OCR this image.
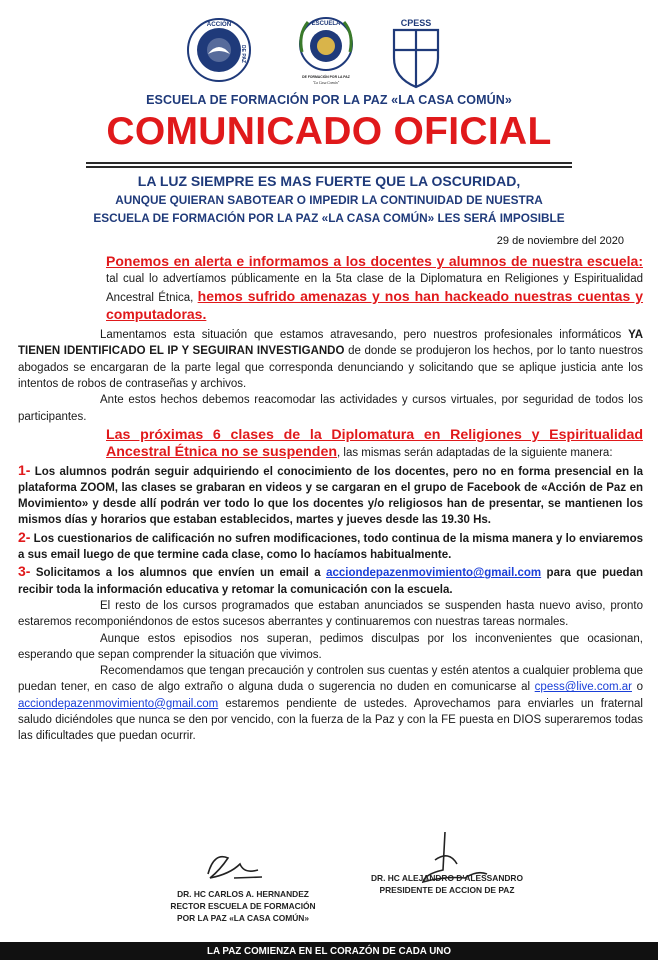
ACCIÓN
DE PAZ
ESCUELA
DE FORMACIÓN POR LA PAZ
"La Casa Común"
CPESS
ESCUELA DE FORMACIÓN POR LA PAZ «LA CASA COMÚN»
COMUNICADO OFICIAL
LA LUZ SIEMPRE ES MAS FUERTE QUE LA OSCURIDAD,
AUNQUE QUIERAN SABOTEAR O IMPEDIR LA CONTINUIDAD DE NUESTRA
ESCUELA DE FORMACIÓN POR LA PAZ «LA CASA COMÚN» LES SERÁ IMPOSIBLE
29 de noviembre del 2020

Ponemos en alerta e informamos a los docentes y alumnos de nuestra escuela: tal cual lo advertíamos públicamente en la 5ta clase de la Diplomatura en Religiones y Espiritualidad Ancestral Étnica, hemos sufrido amenazas y nos han hackeado nuestras cuentas y computadoras.

Lamentamos esta situación que estamos atravesando, pero nuestros profesionales informáticos YA TIENEN IDENTIFICADO EL IP Y SEGUIRAN INVESTIGANDO de donde se produjeron los hechos, por lo tanto nuestros abogados se encargaran de la parte legal que corresponda denunciando y solicitando que se aplique justicia ante los intentos de robos de contraseñas y archivos.

Ante estos hechos debemos reacomodar las actividades y cursos virtuales, por seguridad de todos los participantes.

Las próximas 6 clases de la Diplomatura en Religiones y Espiritualidad Ancestral Étnica no se suspenden, las mismas serán adaptadas de la siguiente manera:

1- Los alumnos podrán seguir adquiriendo el conocimiento de los docentes, pero no en forma presencial en la plataforma ZOOM, las clases se grabaran en videos y se cargaran en el grupo de Facebook de «Acción de Paz en Movimiento» y desde allí podrán ver todo lo que los docentes y/o religiosos han de presentar, se mantienen los mismos días y horarios que estaban establecidos, martes y jueves desde las 19.30 Hs.

2- Los cuestionarios de calificación no sufren modificaciones, todo continua de la misma manera y lo enviaremos a sus email luego de que termine cada clase, como lo hacíamos habitualmente.

3- Solicitamos a los alumnos que envíen un email a acciondepazenmovimiento@gmail.com para que puedan recibir toda la información educativa y retomar la comunicación con la escuela.

El resto de los cursos programados que estaban anunciados se suspenden hasta nuevo aviso, pronto estaremos recomponiéndonos de estos sucesos aberrantes y continuaremos con nuestras tareas normales.

Aunque estos episodios nos superan, pedimos disculpas por los inconvenientes que ocasionan, esperando que sepan comprender la situación que vivimos.

Recomendamos que tengan precaución y controlen sus cuentas y estén atentos a cualquier problema que puedan tener, en caso de algo extraño o alguna duda o sugerencia no duden en comunicarse al cpess@live.com.ar o acciondepazenmovimiento@gmail.com estaremos pendiente de ustedes. Aprovechamos para enviarles un fraternal saludo diciéndoles que nunca se den por vencido, con la fuerza de la Paz y con la FE puesta en DIOS superaremos todas las dificultades que puedan ocurrir.

DR. HC CARLOS A. HERNANDEZ
RECTOR ESCUELA DE FORMACIÓN
POR LA PAZ «LA CASA COMÚN»
DR. HC ALEJANDRO D'ALESSANDRO
PRESIDENTE DE ACCION DE PAZ
LA PAZ COMIENZA EN EL CORAZÓN DE CADA UNO
